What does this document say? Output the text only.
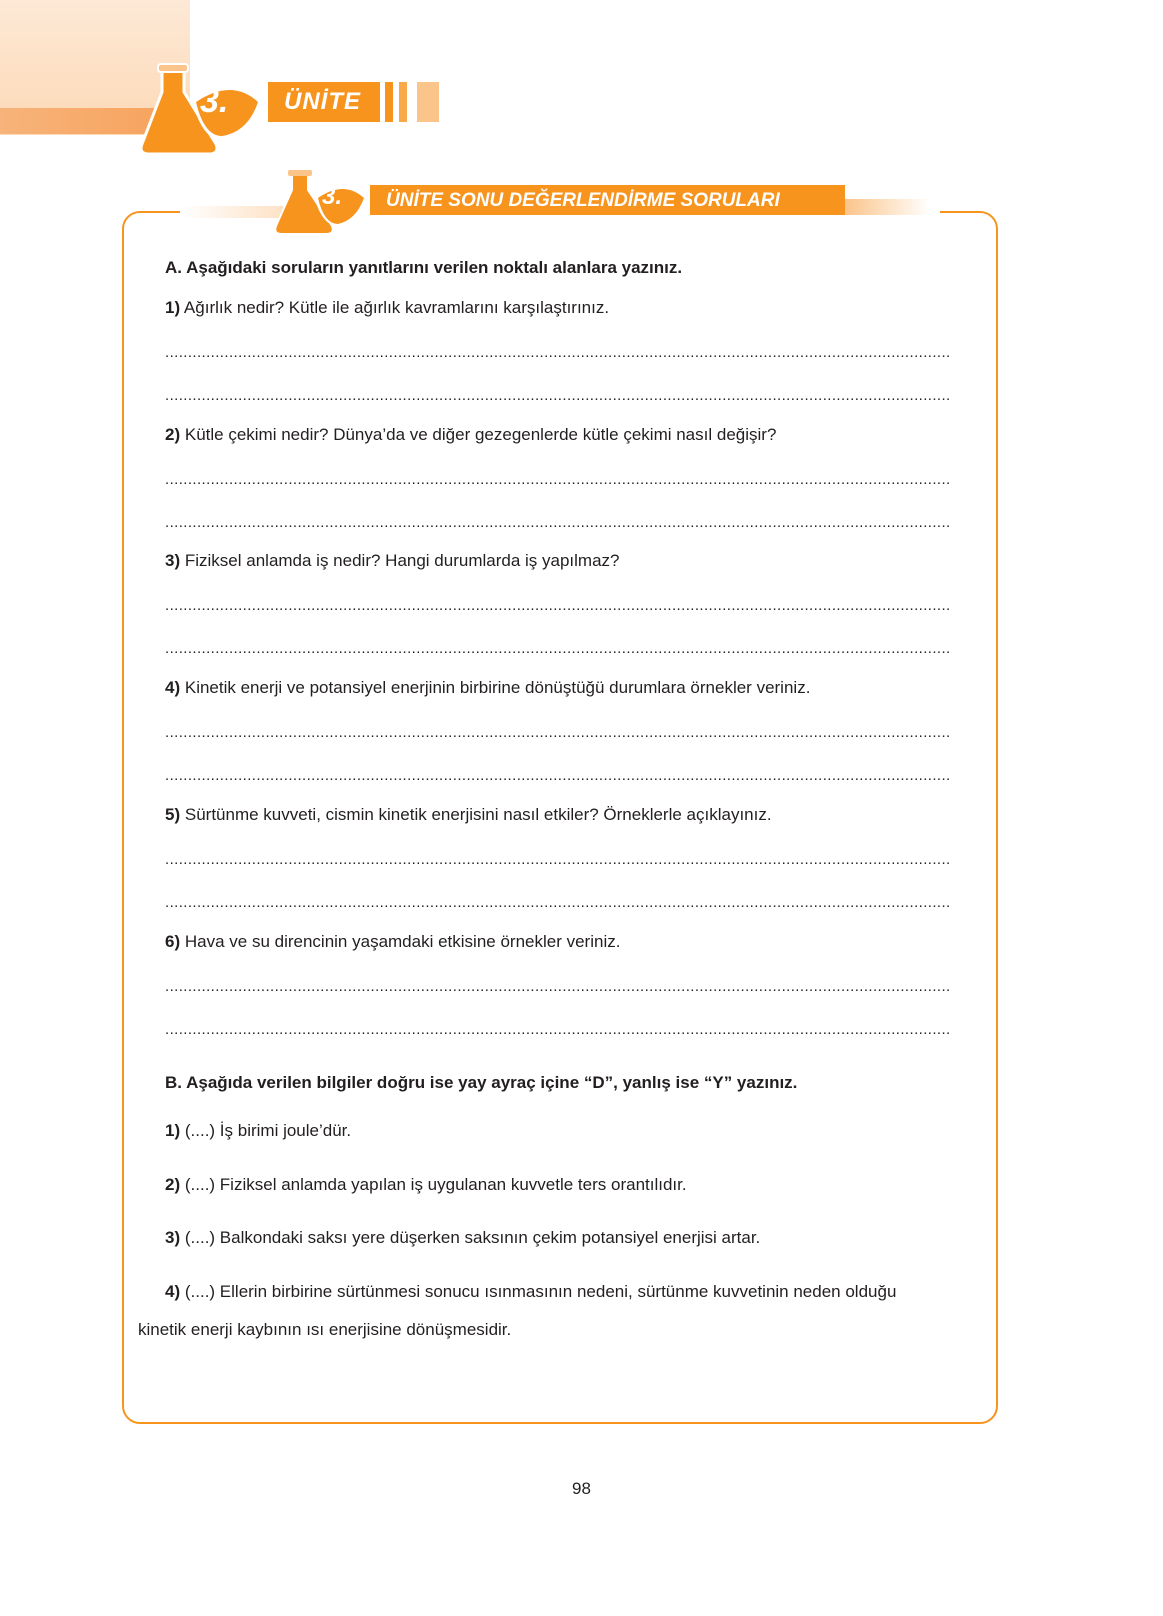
3.	ÜNİTE
3.	ÜNİTE SONU DEĞERLENDİRME SORULARI
A. Aşağıdaki soruların yanıtlarını verilen noktalı alanlara yazınız.
1) Ağırlık nedir? Kütle ile ağırlık kavramlarını karşılaştırınız.
............................................................................................................................................................................
............................................................................................................................................................................
2) Kütle çekimi nedir? Dünya’da ve diğer gezegenlerde kütle çekimi nasıl değişir?
............................................................................................................................................................................
............................................................................................................................................................................
3) Fiziksel anlamda iş nedir? Hangi durumlarda iş yapılmaz?
............................................................................................................................................................................
............................................................................................................................................................................
4) Kinetik enerji ve potansiyel enerjinin birbirine dönüştüğü durumlara örnekler veriniz.
............................................................................................................................................................................
............................................................................................................................................................................
5) Sürtünme kuvveti, cismin kinetik enerjisini nasıl etkiler? Örneklerle açıklayınız.
............................................................................................................................................................................
............................................................................................................................................................................
6) Hava ve su direncinin yaşamdaki etkisine örnekler veriniz.
............................................................................................................................................................................
............................................................................................................................................................................
B. Aşağıda verilen bilgiler doğru ise yay ayraç içine “D”, yanlış ise “Y” yazınız.
1) (....) İş birimi joule’dür.
2) (....) Fiziksel anlamda yapılan iş uygulanan kuvvetle ters orantılıdır.
3) (....) Balkondaki saksı yere düşerken saksının çekim potansiyel enerjisi artar.
4) (....) Ellerin birbirine sürtünmesi sonucu ısınmasının nedeni, sürtünme kuvvetinin neden olduğu
kinetik enerji kaybının ısı enerjisine dönüşmesidir.
98
